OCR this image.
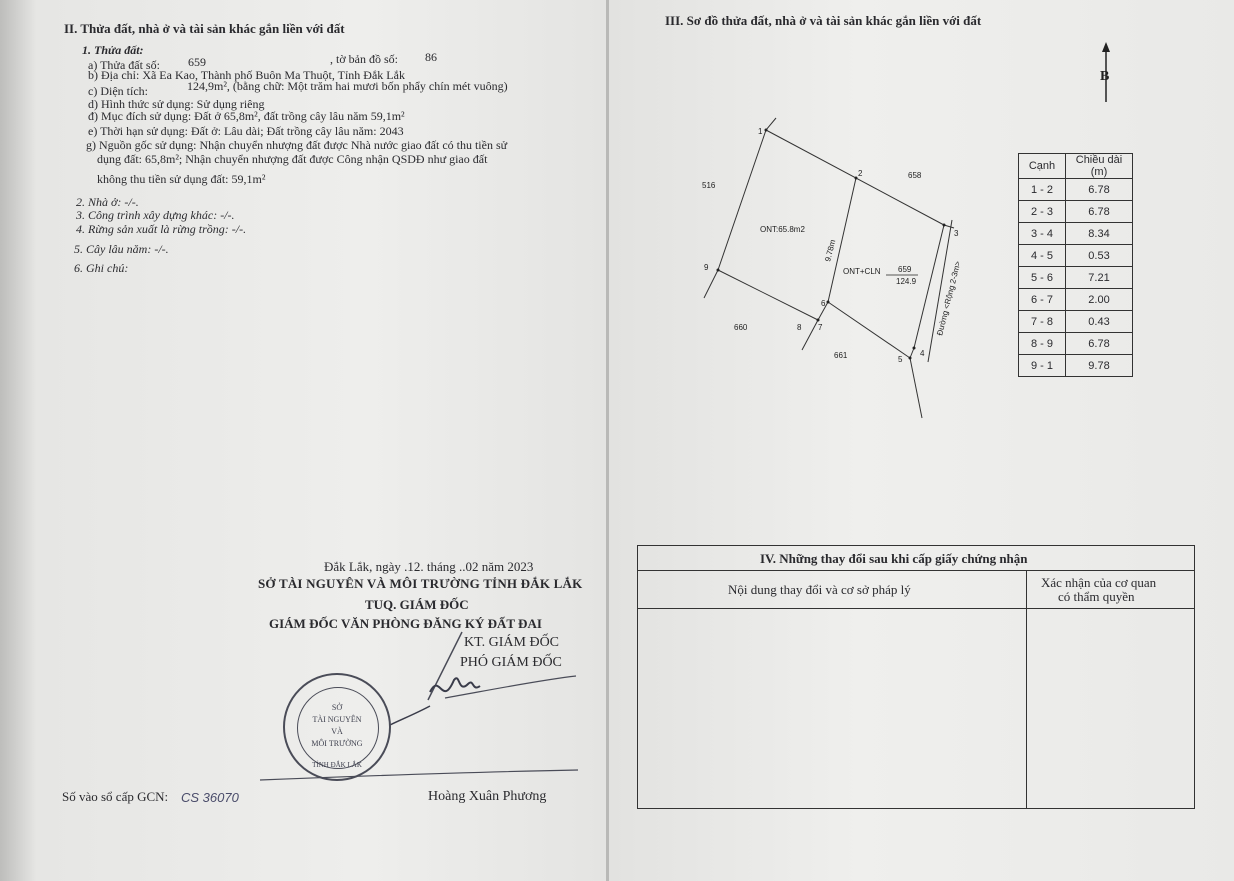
II. Thửa đất, nhà ở và tài sản khác gắn liền với đất
1. Thửa đất:
a) Thửa đất số: 659	, tờ bản đồ số: 86
b) Địa chỉ: Xã Ea Kao, Thành phố Buôn Ma Thuột, Tỉnh Đắk Lắk
c) Diện tích:	124,9m², (bằng chữ: Một trăm hai mươi bốn phẩy chín mét vuông)
d) Hình thức sử dụng: Sử dụng riêng
đ) Mục đích sử dụng: Đất ở 65,8m², đất trồng cây lâu năm 59,1m²
e) Thời hạn sử dụng: Đất ở: Lâu dài; Đất trồng cây lâu năm: 2043
g) Nguồn gốc sử dụng: Nhận chuyển nhượng đất được Nhà nước giao đất có thu tiền sử
dụng đất: 65,8m²; Nhận chuyển nhượng đất được Công nhận QSDĐ như giao đất
không thu tiền sử dụng đất: 59,1m²
2. Nhà ở: -/-.
3. Công trình xây dựng khác: -/-.
4. Rừng sản xuất là rừng trồng: -/-.
5. Cây lâu năm: -/-.
6. Ghi chú:
Đắk Lắk, ngày .12. tháng ..02 năm 2023
SỞ TÀI NGUYÊN VÀ MÔI TRƯỜNG TỈNH ĐẮK LẮK
TUQ. GIÁM ĐỐC
GIÁM ĐỐC VĂN PHÒNG ĐĂNG KÝ ĐẤT ĐAI
KT. GIÁM ĐỐC
PHÓ GIÁM ĐỐC
SỞ
TÀI NGUYÊN
VÀ
MÔI TRƯỜNG
TỈNH ĐẮK LẮK
Hoàng Xuân Phương
Số vào sổ cấp GCN: CS 36070
III. Sơ đồ thửa đất, nhà ở và tài sản khác gắn liền với đất
B
1
2
3
4
5
6
7
8
9
516
658
660
661
ONT:65.8m2
ONT+CLN 659
124.9
9.78m
Đường <Rộng 2-3m>
Cạnh	Chiều dài (m)
1 - 2	6.78
2 - 3	6.78
3 - 4	8.34
4 - 5	0.53
5 - 6	7.21
6 - 7	2.00
7 - 8	0.43
8 - 9	6.78
9 - 1	9.78
IV. Những thay đổi sau khi cấp giấy chứng nhận
Nội dung thay đổi và cơ sở pháp lý	Xác nhận của cơ quan
có thẩm quyền
